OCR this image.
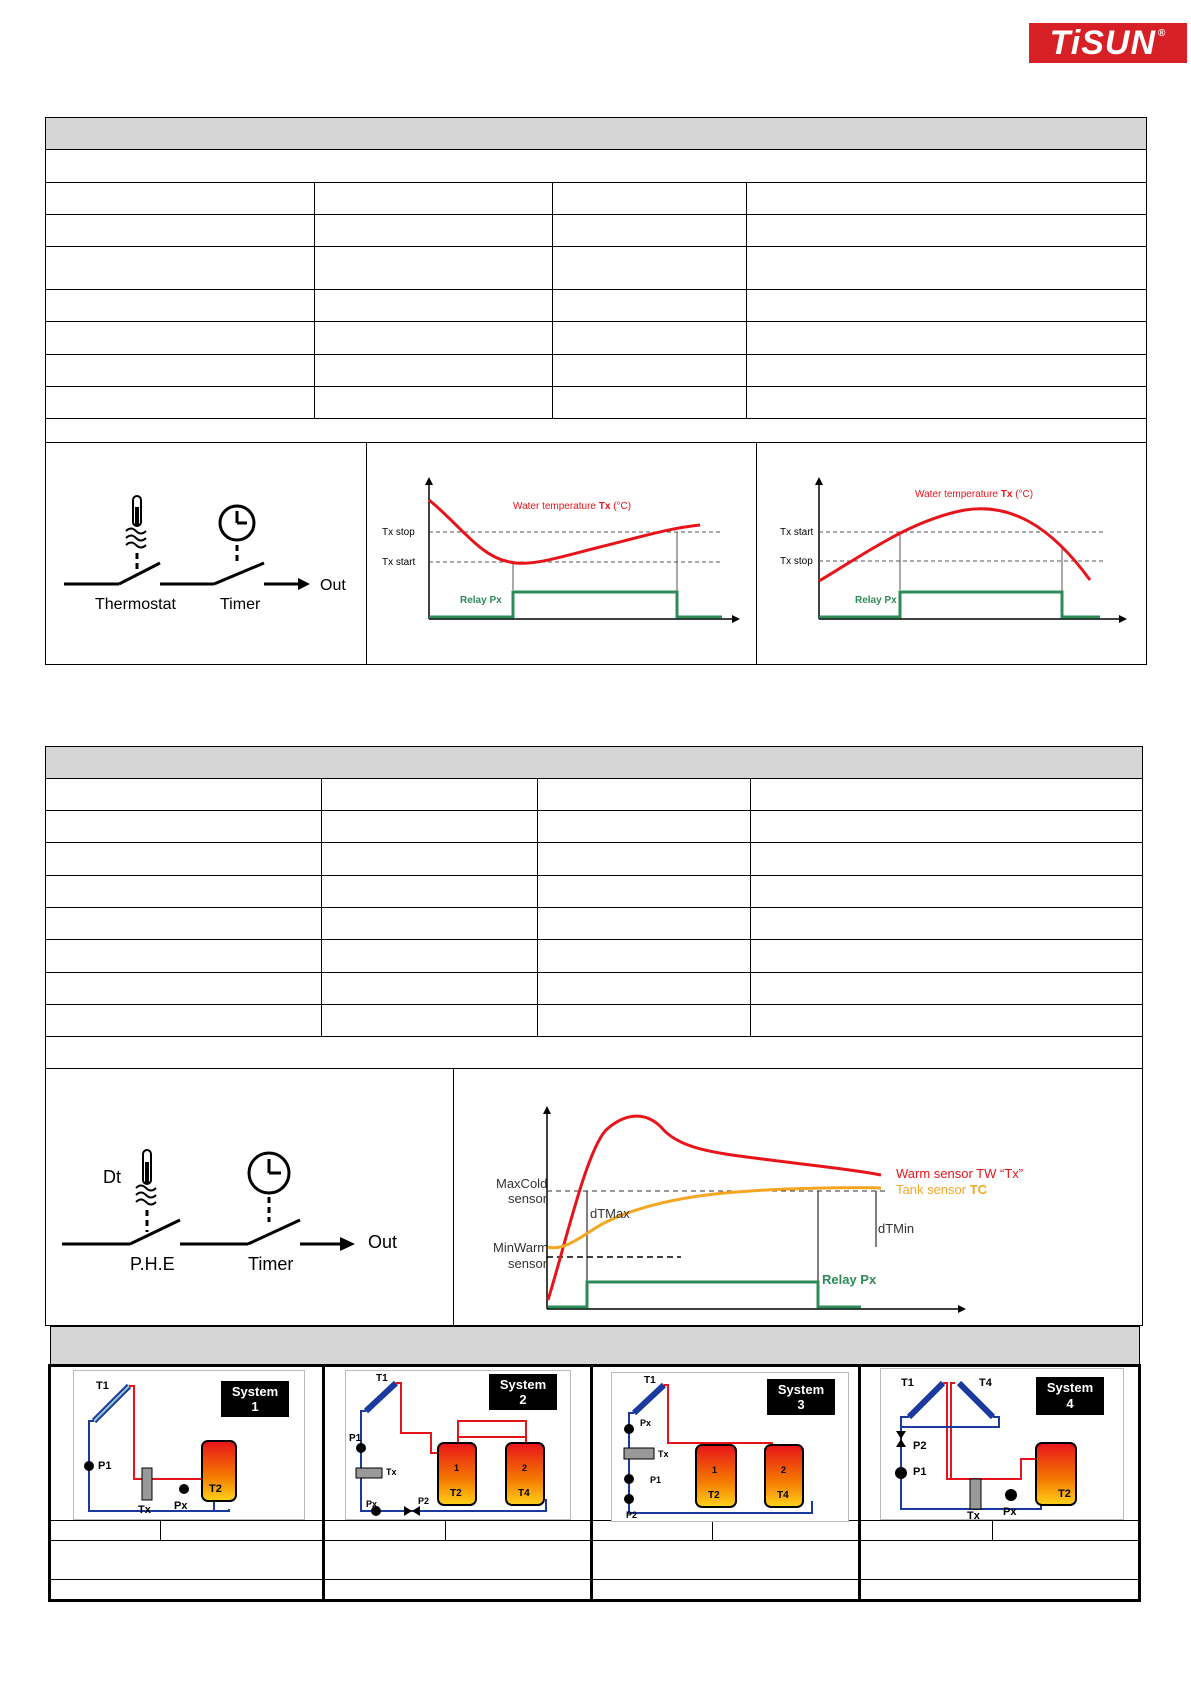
TiSUN®
Thermostat	Timer
Out
Water temperature Tx (°C)
Tx stop
Tx start
Relay Px
Water temperature Tx (°C)
Tx start
Tx stop
Relay Px
Dt
P.H.E	Timer
Out
MaxCold
sensor
MinWarm
sensor
dTMax
dTMin
Warm sensor TW “Tx”
Tank sensor TC
Relay Px
T1
P1
Tx Px
T2
System
1
T1
P1
Tx
Px	P2
1
T2
2
T4
System
2
T1
Px
Tx
P1
P2
1
T2
2
T4
System
3
T1	T4
P2
P1
Tx Px
T2
System
4
